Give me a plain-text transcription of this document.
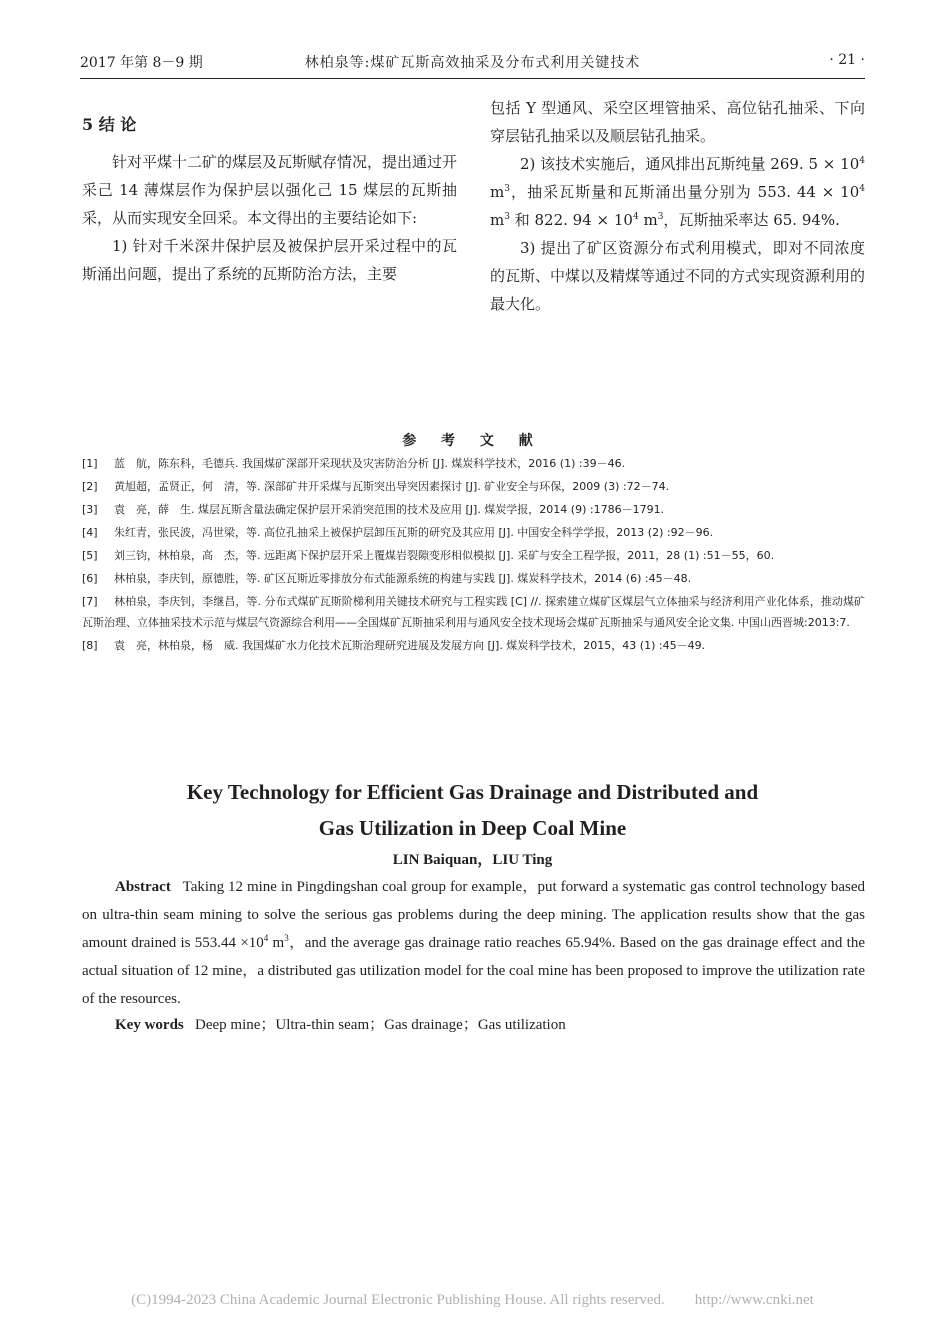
2017 年第 8－9 期	林柏泉等:煤矿瓦斯高效抽采及分布式利用关键技术	· 21 ·
5 结 论

针对平煤十二矿的煤层及瓦斯赋存情况，提出通过开采己 14 薄煤层作为保护层以强化己 15 煤层的瓦斯抽采，从而实现安全回采。本文得出的主要结论如下:

1) 针对千米深井保护层及被保护层开采过程中的瓦斯涌出问题，提出了系统的瓦斯防治方法，主要

包括 Y 型通风、采空区埋管抽采、高位钻孔抽采、下向穿层钻孔抽采以及顺层钻孔抽采。

2) 该技术实施后，通风排出瓦斯纯量 269. $5 \times 10^4$ $m^3$，抽采瓦斯量和瓦斯涌出量分别为 553. $44 \times 10^4$ $m^3$ 和 822. $94 \times 10^4$ $m^3$，瓦斯抽采率达 65. 94%.

3) 提出了矿区资源分布式利用模式，即对不同浓度的瓦斯、中煤以及精煤等通过不同的方式实现资源利用的最大化。

参 考 文 献
[1] 蓝　航，陈东科，毛德兵. 我国煤矿深部开采现状及灾害防治分析 [J]. 煤炭科学技术，2016 (1) :39－46.
[2] 黄旭超，孟贤正，何　清，等. 深部矿井开采煤与瓦斯突出导突因素探讨 [J]. 矿业安全与环保，2009 (3) :72－74.
[3] 袁　亮，薛　生. 煤层瓦斯含量法确定保护层开采消突范围的技术及应用 [J]. 煤炭学报，2014 (9) :1786－1791.
[4] 朱红青，张民波，冯世梁，等. 高位孔抽采上被保护层卸压瓦斯的研究及其应用 [J]. 中国安全科学学报，2013 (2) :92－96.
[5] 刘三钧，林柏泉，高　杰，等. 远距离下保护层开采上覆煤岩裂隙变形相似模拟 [J]. 采矿与安全工程学报，2011，28 (1) :51－55，60.
[6] 林柏泉，李庆钊，原德胜，等. 矿区瓦斯近零排放分布式能源系统的构建与实践 [J]. 煤炭科学技术，2014 (6) :45－48.
[7] 林柏泉，李庆钊，李继昌，等. 分布式煤矿瓦斯阶梯利用关键技术研究与工程实践 [C] //. 探索建立煤矿区煤层气立体抽采与经济利用产业化体系，推动煤矿瓦斯治理、立体抽采技术示范与煤层气资源综合利用——全国煤矿瓦斯抽采利用与通风安全技术现场会煤矿瓦斯抽采与通风安全论文集. 中国山西晋城:2013:7.
[8] 袁　亮，林柏泉，杨　威. 我国煤矿水力化技术瓦斯治理研究进展及发展方向 [J]. 煤炭科学技术，2015，43 (1) :45－49.
Key Technology for Efficient Gas Drainage and Distributed and
Gas Utilization in Deep Coal Mine
LIN Baiquan，LIU Ting

Abstract Taking 12 mine in Pingdingshan coal group for example，put forward a systematic gas control technology based on ultra-thin seam mining to solve the serious gas problems during the deep mining. The application results show that the gas amount drained is $553.44 \times 10^4$ $m^3$，and the average gas drainage ratio reaches 65.94%. Based on the gas drainage effect and the actual situation of 12 mine，a distributed gas utilization model for the coal mine has been proposed to improve the utilization rate of the resources.

Key words Deep mine；Ultra-thin seam；Gas drainage；Gas utilization
(C)1994-2023 China Academic Journal Electronic Publishing House. All rights reserved.　　http://www.cnki.net
